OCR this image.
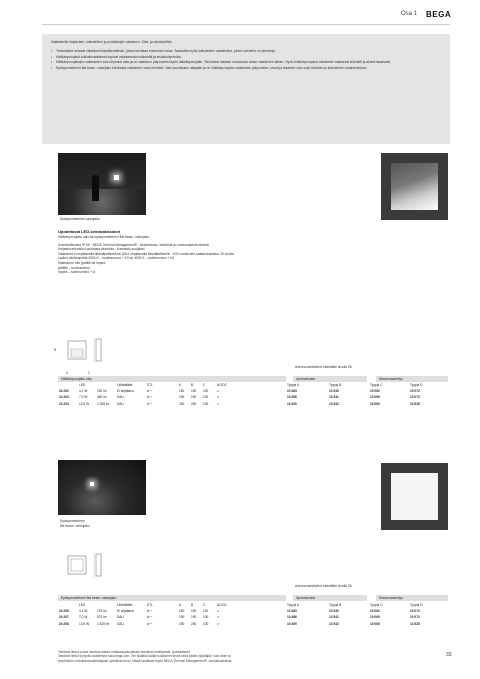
Osa 1 BEGA

Valaisimelle käytäväen, kulkuteiden ja portaikkojen valaisuun. Sisä- ja ulkokäyttöön.

• Yleisvalaise antavat valaisimet käyttökohteisiin, joissa tarvitaan enemmän valoa. Saatavilla myös kulkuteiden valaisimina, joiden valoteho on pienempi.
• Hälikäsyvuojatut kulkutievalaisimet sopivat valaisemaan kulkuteitä ja sisäänkäynteiksi.
• Hälikäsyvuojattujen valaisimien valo ohjautuu alas ja on valaisuun yläpuolella löysin hälikäsyvuojattu. Tehokkaat valaisut muodostuu aivan valaisimen alleen. Hyvin hälikäsyvuojatut valaisimet valaisevat kulkuteit ja alueet tasaisesti.
• Epäsymmetrinen flat beam -valonjako kohdistaa valaisimen valon leveälle. Valo suuntautuu alaspäin ja on hälikäsyvuojattu valaisimen yläpuolelta. Leveä ja tasainen valo sopii alueiden ja kulkuteiden valaisemiseen.
Epäsymmetrinen valonjako
Upotettavat LED-seinävalaisimet
Hälikäsyvuojattu valo tai epäsymmetrinen flat beam -valonjako
Kotelointiluokka IP 65 · BEGA Thermal Management® · Alumiinivalu, alumiinia ja ruostumatonta terästä
Heijastin erikoisfuu puhdasta alumiinia · Karkaistu suojalasi
Valaisimet ei ohjattavalla liitäntälaitteella tai DALI-ohjattavalla liitäntälaitteella · LED-moduulien saatavuustakuu 20 vuotta
Ladien värilämpötila 3000 K – tuotenumero + K3 tai 4000 K – tuotenumero + K4
Valaisimen väri grafiitti tai hopea
grafiitti – tuotenumero
hopea – tuotenumero + A
A	C
B
Asennustarvikehot esitellään sivulla 26
Hälikäsyvuojattu valo	Upotuskotelo	Mounusaskehys
	LED		Liitäntäätie	ETL	A	B	C	AC/DC	Tyyppi A	Tyyppi B	Tyyppi C	Tyyppi D
24 202	4,1 W	250 lm	Ei ohjattava	A⁺⁺	150	150	100	✔	10 483	13 540	10 062	10 072
24 203	7,0 W	450 lm	DALI	A⁺⁺	190	190	100	✔	10 486	13 541	10 069	10 073
24 204	13,5 W	1 055 lm	DALI	A⁺⁺	250	250	100	✔	10 490	13 542	10 060	13 528
Epäsymmetrinen
flat beam -valonjako
Asennustarvikehot esitellään sivulla 26
Epäsymmetrinen flat beam -valonjako	Upotuskotelo	Mounusaskehys
	LED		Liitäntäätie	ETL	A	B	C	AC/DC	Tyyppi A	Tyyppi B	Tyyppi C	Tyyppi D
24 206	4,1 W	275 lm	Ei ohjattava	A⁺⁺	150	150	100	✔	10 483	13 540	10 062	10 072
24 207	7,0 W	575 lm	DALI	A⁺⁺	190	190	100	✔	10 486	13 541	10 069	10 073
24 208	13,5 W	1 625 lm	DALI	A⁺⁺	250	250	100	✔	10 490	13 542	10 060	13 528
Tarkkeat tiedot voivat muuttua kaiken mittaussopivuuksien tekniikan kehittyessä. Apertaasiset
Tarkkeat tiedot löytyvät osoitteesta www.bega.com. Tee sisältöä kaikki valaisimet tiedot sekä kaiken käyttäjän, valo dnen ja
ympäristön ominaisuusvalmistajaan spesifiset arvot. Mikäli tarvittaan myös BEGA Thermal Management® -ominaisuuksista.
33
